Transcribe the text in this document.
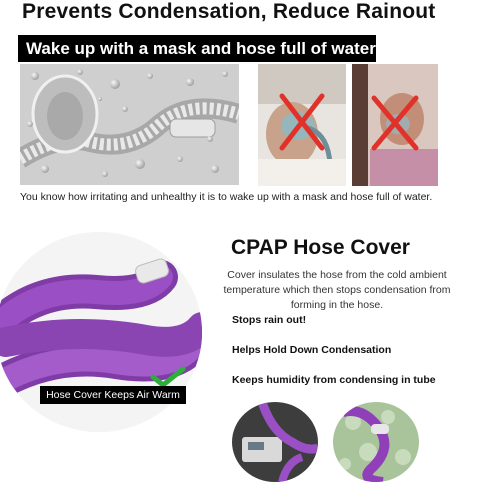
Prevents Condensation, Reduce Rainout
Wake up with a mask and hose full of water?
You know how irritating and unhealthy it is to wake up with a mask and hose full of water.
Hose Cover Keeps Air Warm
CPAP Hose Cover
Cover insulates the hose from the cold ambient temperature which then stops condensation from forming in the hose.
Stops rain out!
Helps Hold Down Condensation
Keeps humidity from condensing in tube
